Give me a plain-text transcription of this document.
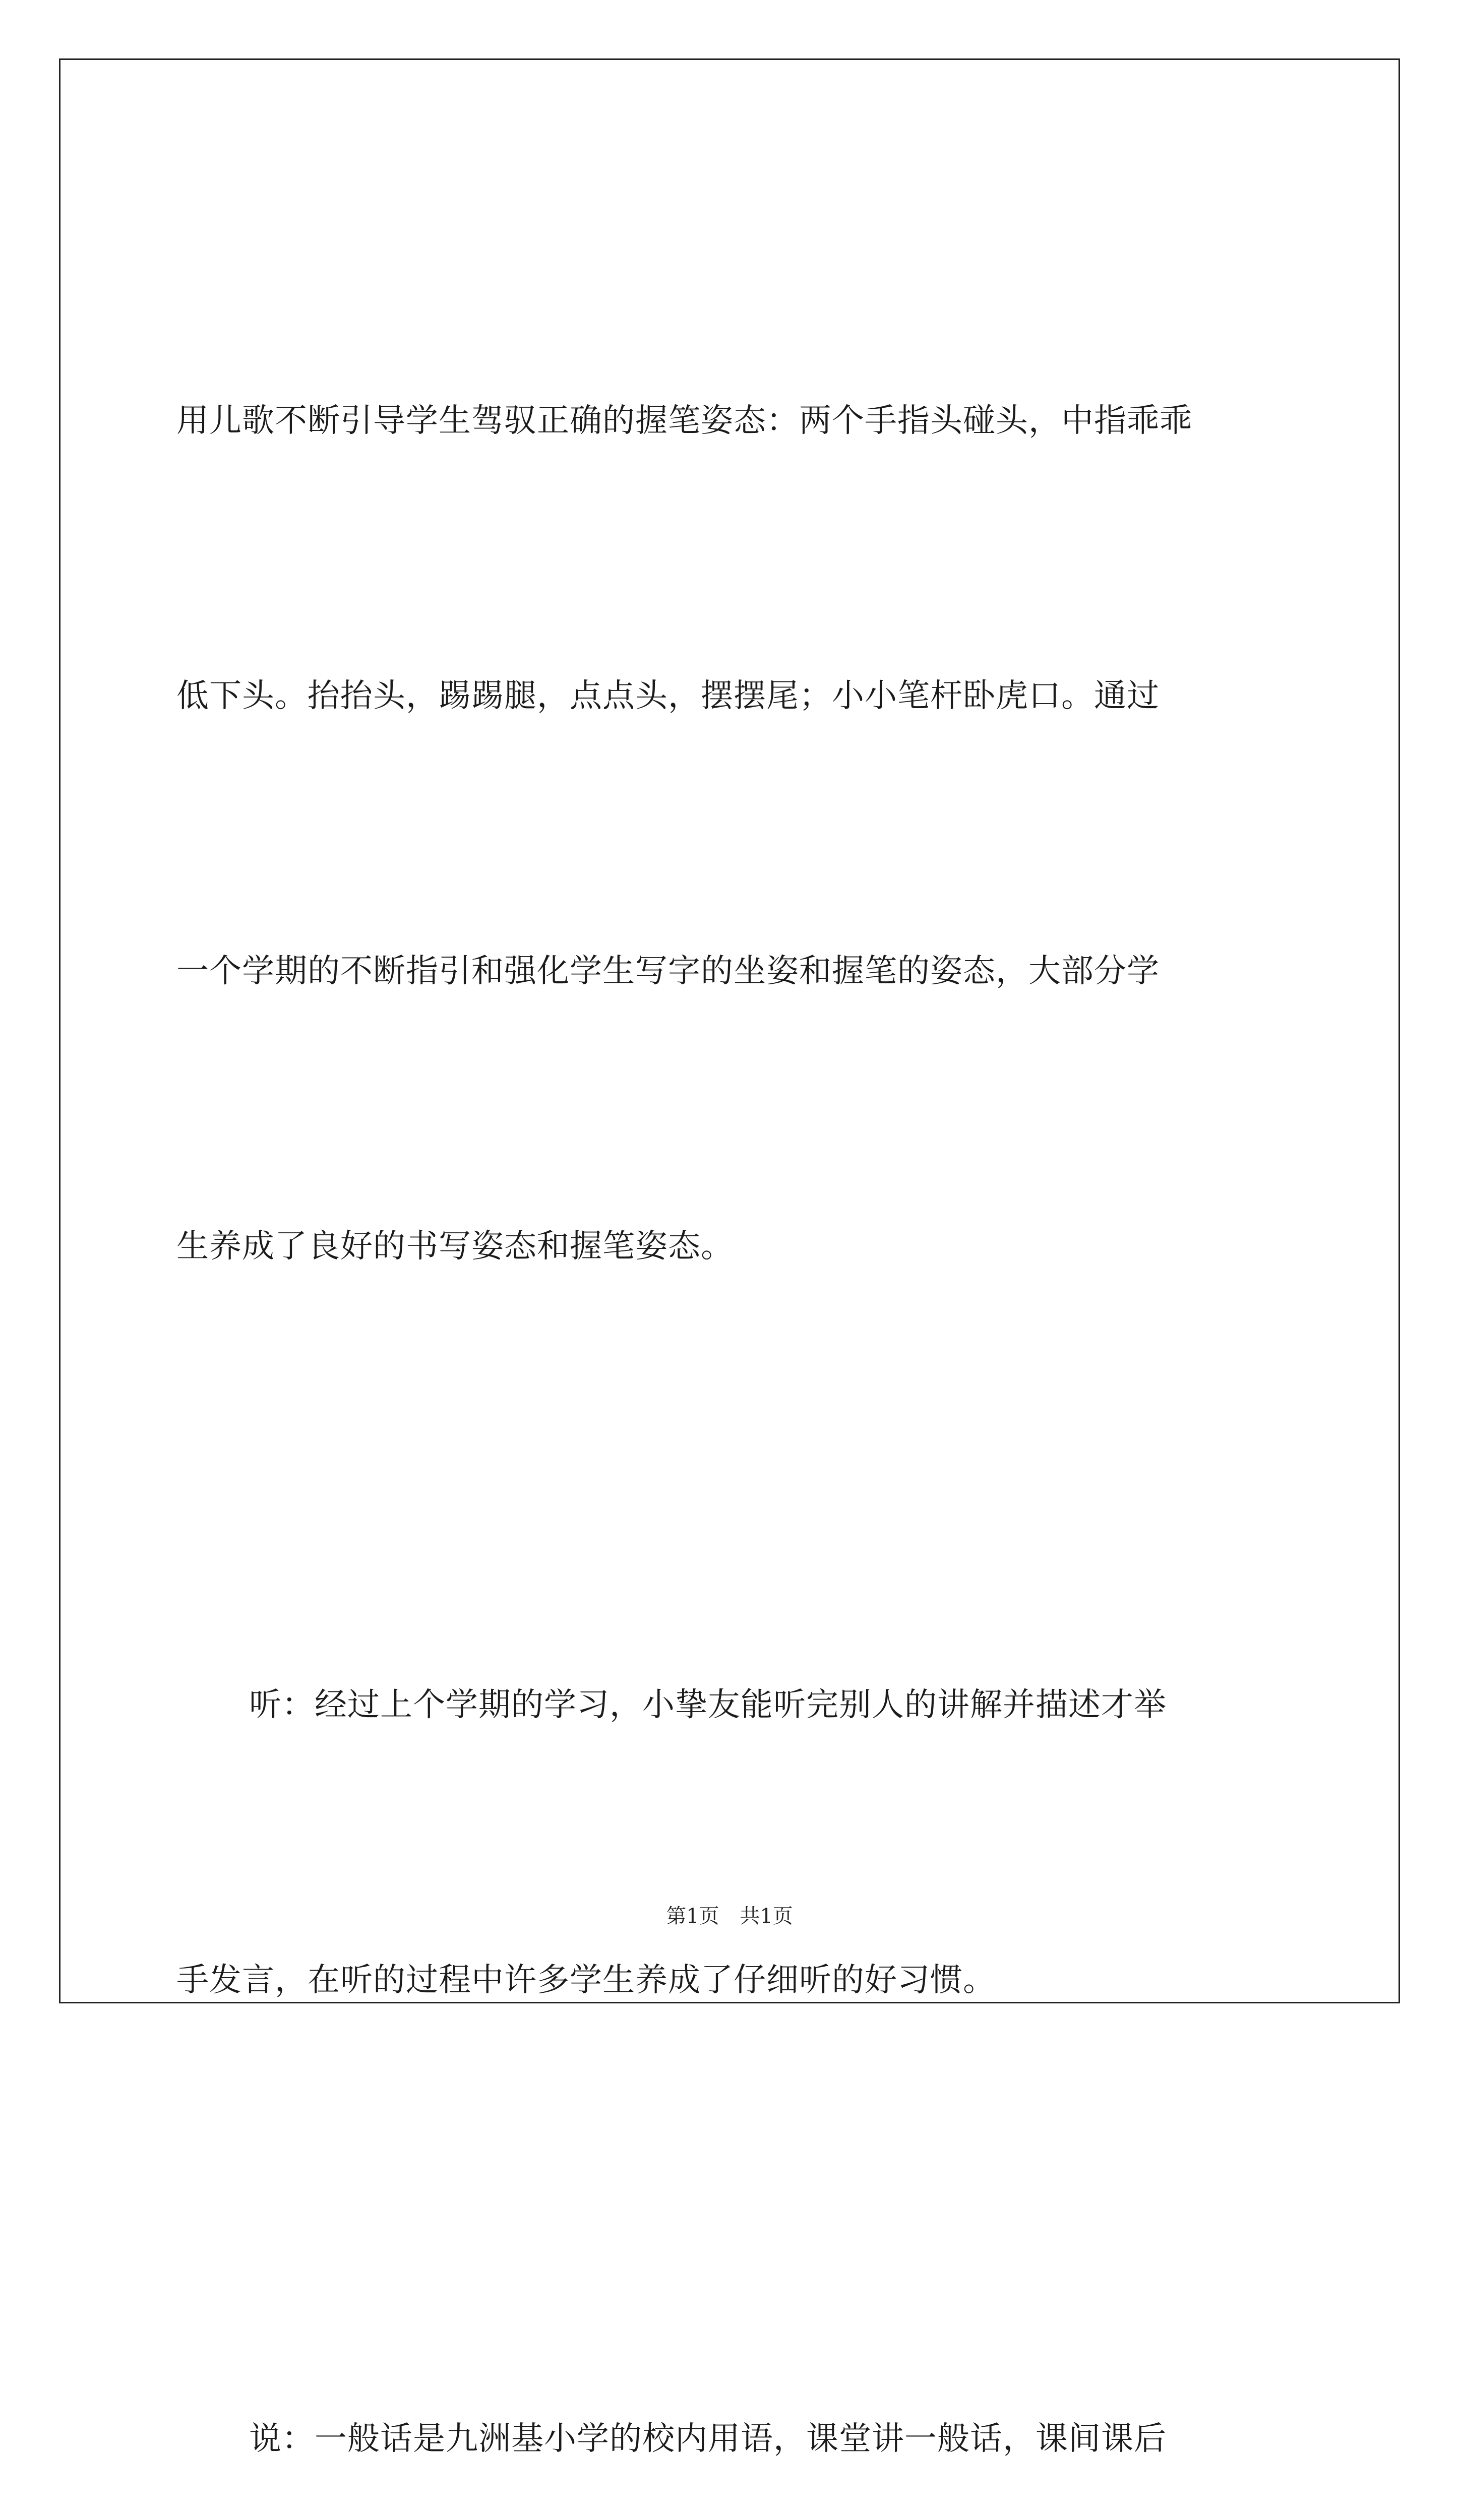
用儿歌不断引导学生驾驭正确的握笔姿态：两个手指头碰头，中指乖乖

低下头。抬抬头，踢踢腿，点点头，摆摆尾；小小笔杆卧虎口。通过

一个学期的不断指引和强化学生写字的坐姿和握笔的姿态，大部分学

生养成了良好的书写姿态和握笔姿态。

听：经过上个学期的学习，小挚友能听完别人的讲解并描述才举

手发言，在听的过程中许多学生养成了仔细听的好习惯。

说：一般话是九洲基小学的校内用语，课堂讲一般话，课间课后

第1页 共1页
